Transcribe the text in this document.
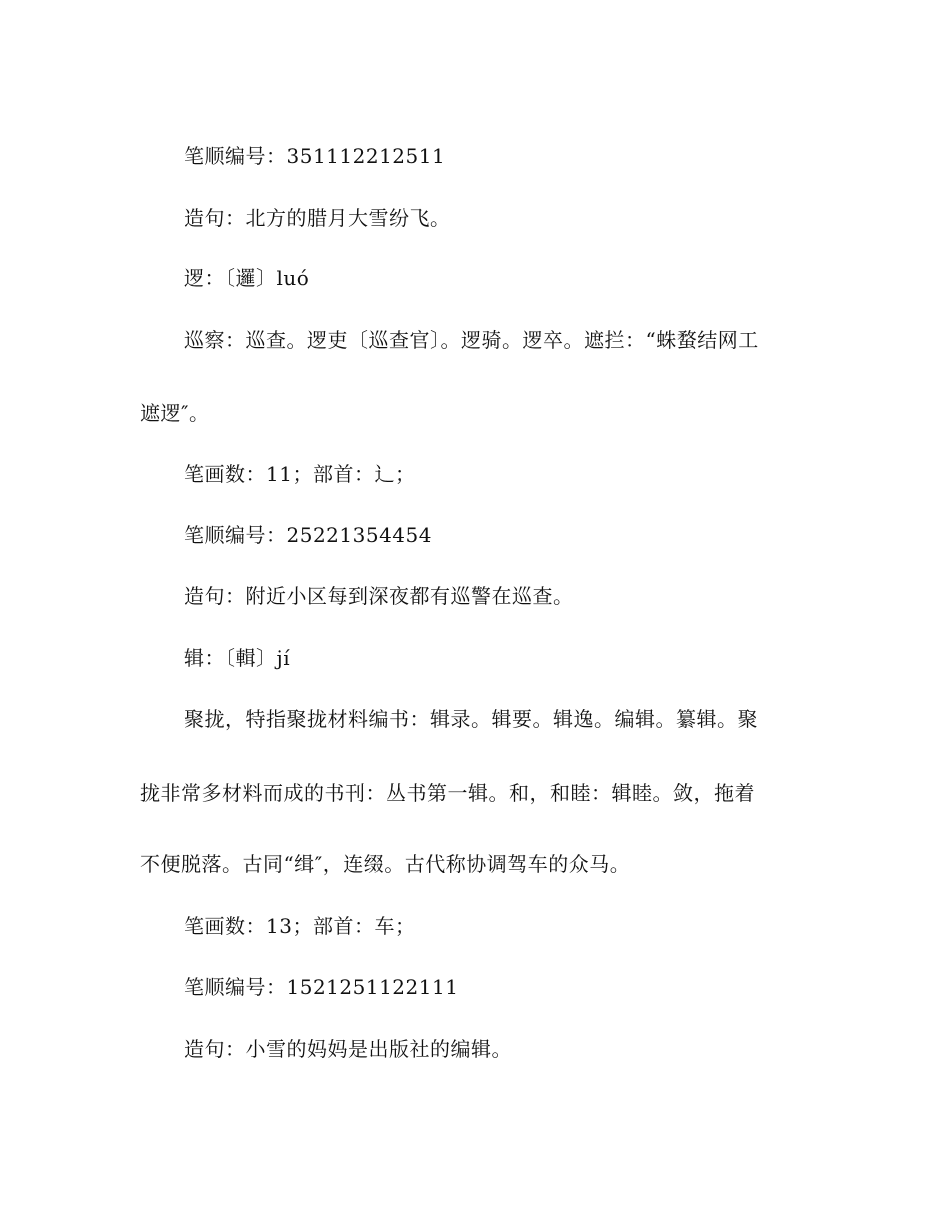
笔顺编号：351112212511
造句：北方的腊月大雪纷飞。
逻：〔邏〕luó
巡察：巡查。逻吏〔巡查官〕。逻骑。逻卒。遮拦：“蛛蝥结网工
遮逻″。
笔画数：11；部首：辶；
笔顺编号：25221354454
造句：附近小区每到深夜都有巡警在巡查。
辑：〔輯〕jí
聚拢，特指聚拢材料编书：辑录。辑要。辑逸。编辑。纂辑。聚
拢非常多材料而成的书刊：丛书第一辑。和，和睦：辑睦。敛，拖着
不便脱落。古同“缉″，连缀。古代称协调驾车的众马。
笔画数：13；部首：车；
笔顺编号：1521251122111
造句：小雪的妈妈是出版社的编辑。
